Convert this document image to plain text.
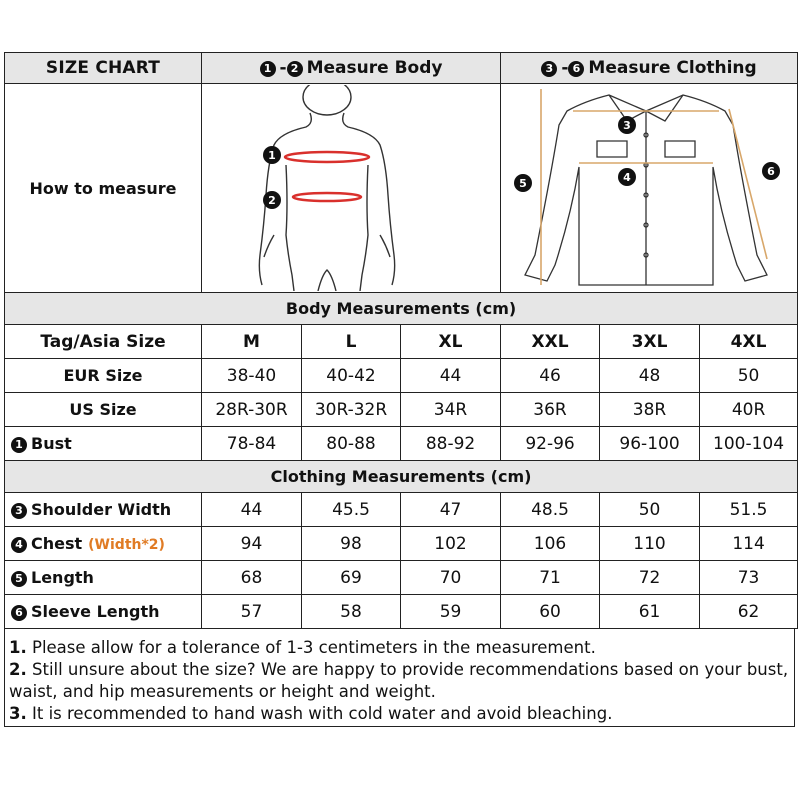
SIZE CHART	1 - 2 Measure Body			3 - 6 Measure Clothing		
How to measure	1
2			3
4
5
6		

Body Measurements (cm)						
Tag/Asia Size	M	L	XL	XXL	3XL	4XL
EUR Size	38-40	40-42	44	46	48	50
US Size	28R-30R	30R-32R	34R	36R	38R	40R
1 Bust	78-84	80-88	88-92	92-96	96-100	100-104
Clothing Measurements (cm)						
3 Shoulder Width	44	45.5	47	48.5	50	51.5
4 Chest (Width*2)	94	98	102	106	110	114
5 Length	68	69	70	71	72	73
6 Sleeve Length	57	58	59	60	61	62

1. Please allow for a tolerance of 1-3 centimeters in the measurement.

2. Still unsure about the size? We are happy to provide recommendations based on your bust, waist, and hip measurements or height and weight.

3. It is recommended to hand wash with cold water and avoid bleaching.
